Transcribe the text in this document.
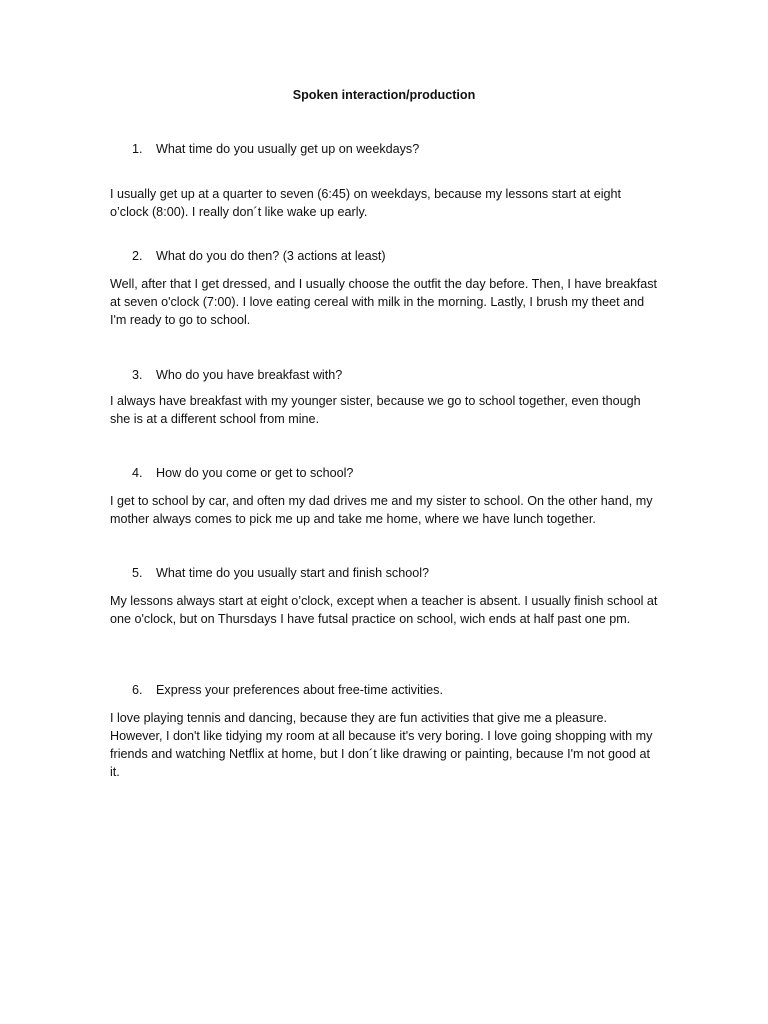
Spoken interaction/production
1. What time do you usually get up on weekdays?
I usually get up at a quarter to seven (6:45) on weekdays, because my lessons start at eight o’clock (8:00). I really don´t like wake up early.
2. What do you do then? (3 actions at least)
Well, after that I get dressed, and I usually choose the outfit the day before. Then, I have breakfast at seven o'clock (7:00). I love eating cereal with milk in the morning. Lastly, I brush my theet and I'm ready to go to school.
3. Who do you have breakfast with?
I always have breakfast with my younger sister, because we go to school together, even though she is at a different school from mine.
4. How do you come or get to school?
I get to school by car, and often my dad drives me and my sister to school. On the other hand, my mother always comes to pick me up and take me home, where we have lunch together.
5. What time do you usually start and finish school?
My lessons always start at eight o’clock, except when a teacher is absent. I usually finish school at one o'clock, but on Thursdays I have futsal practice on school, wich ends at half past one pm.
6. Express your preferences about free-time activities.
I love playing tennis and dancing, because they are fun activities that give me a pleasure. However, I don't like tidying my room at all because it's very boring. I love going shopping with my friends and watching Netflix at home, but I don´t like drawing or painting, because I'm not good at it.
